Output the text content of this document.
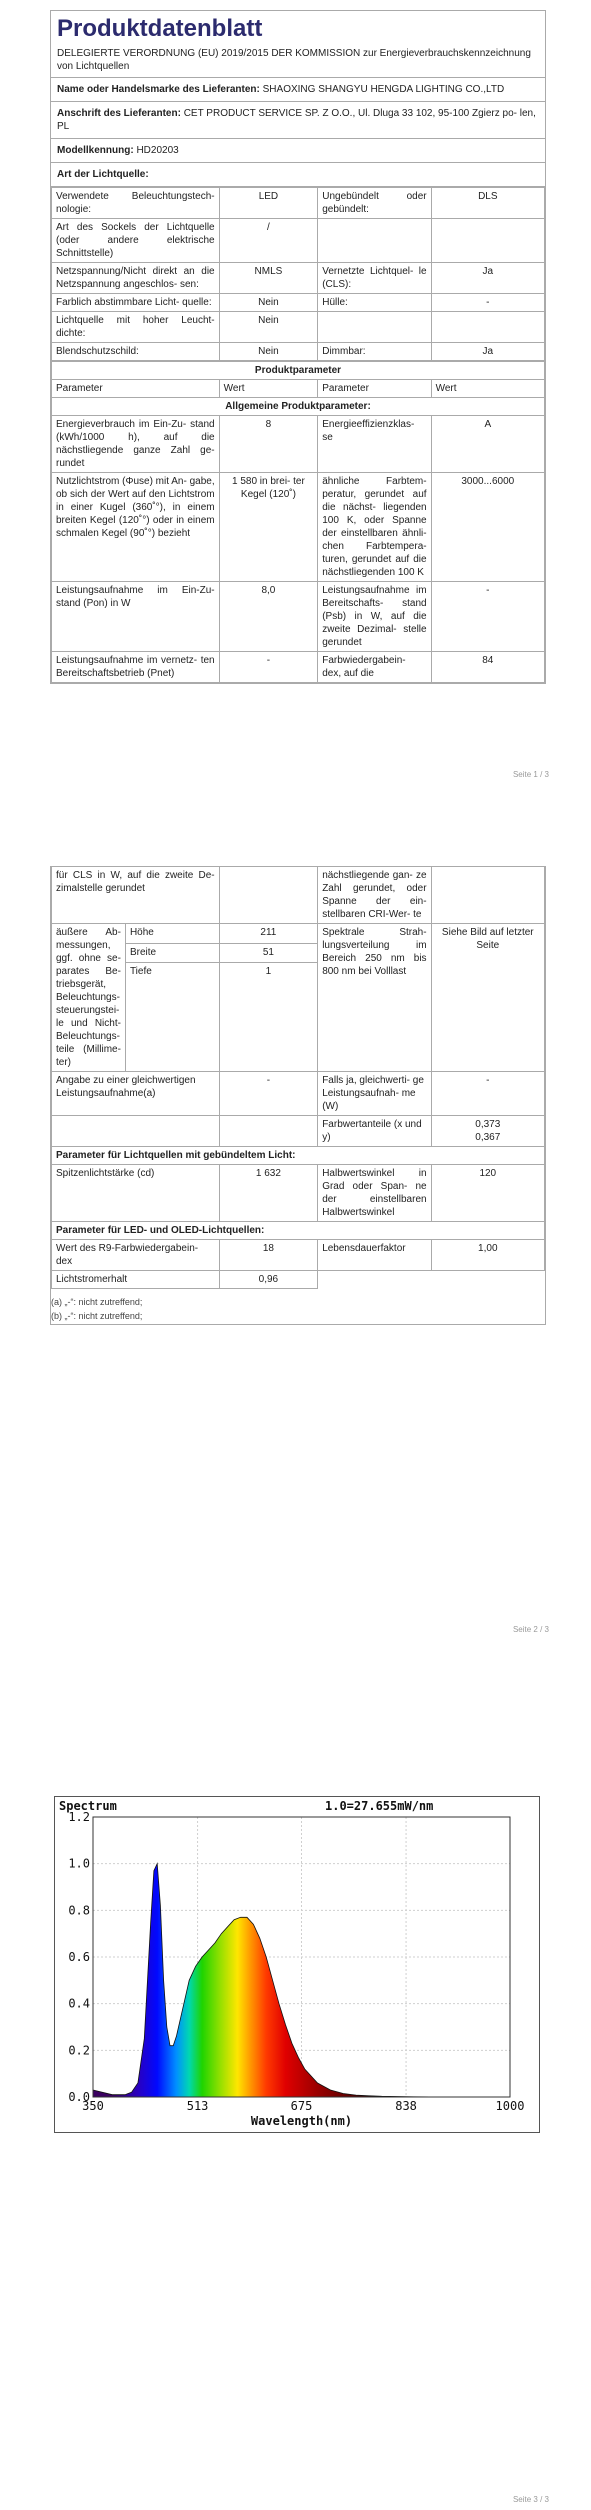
Produktdatenblatt
DELEGIERTE VERORDNUNG (EU) 2019/2015 DER KOMMISSION zur Energieverbrauchskennzeichnung von Lichtquellen
Name oder Handelsmarke des Lieferanten: SHAOXING SHANGYU HENGDA LIGHTING CO.,LTD
Anschrift des Lieferanten: CET PRODUCT SERVICE SP. Z O.O., Ul. Dluga 33 102, 95-100 Zgierz po- len, PL
Modellkennung: HD20203
Art der Lichtquelle:
Verwendete Beleuchtungstech- nologie:	LED	Ungebündelt oder gebündelt:	DLS
Art des Sockels der Lichtquelle (oder andere elektrische Schnittstelle)	/		
Netzspannung/Nicht direkt an die Netzspannung angeschlos- sen:	NMLS	Vernetzte Lichtquel- le (CLS):	Ja
Farblich abstimmbare Licht- quelle:	Nein	Hülle:	-
Lichtquelle mit hoher Leucht- dichte:	Nein		
Blendschutzschild:	Nein	Dimmbar:	Ja
Produktparameter			
Parameter	Wert	Parameter	Wert
Allgemeine Produktparameter:			
Energieverbrauch im Ein-Zu- stand (kWh/1000 h), auf die nächstliegende ganze Zahl ge- rundet	8	Energieeffizienzklas- se	A
Nutzlichtstrom (Φuse) mit An- gabe, ob sich der Wert auf den Lichtstrom in einer Kugel (360˚°), in einem breiten Kegel (120˚°) oder in einem schmalen Kegel (90˚°) bezieht	1 580 in brei- ter Kegel (120˚)	ähnliche Farbtem- peratur, gerundet auf die nächst- liegenden 100 K, oder Spanne der einstellbaren ähnli- chen Farbtempera- turen, gerundet auf die nächstliegenden 100 K	3000...6000
Leistungsaufnahme im Ein-Zu- stand (Pon) in W	8,0	Leistungsaufnahme im Bereitschafts- stand (Psb) in W, auf die zweite Dezimal- stelle gerundet	-
Leistungsaufnahme im vernetz- ten Bereitschaftsbetrieb (Pnet)	-	Farbwiedergabein- dex, auf die	84
Seite 1 / 3
für CLS in W, auf die zweite De- zimalstelle gerundet			nächstliegende gan- ze Zahl gerundet, oder Spanne der ein- stellbaren CRI-Wer- te	
äußere Ab- messungen, ggf. ohne se- parates Be- triebsgerät, Beleuchtungs- steuerungstei- le und Nicht- Beleuchtungs- teile (Millime- ter)	Höhe	211	Spektrale Strah- lungsverteilung im Bereich 250 nm bis 800 nm bei Volllast	Siehe Bild auf letzter Seite
	Breite	51		
	Tiefe	1		
Angabe zu einer gleichwertigen Leistungsaufnahme(a)		-	Falls ja, gleichwerti- ge Leistungsaufnah- me (W)	-
			Farbwertanteile (x und y)	0,373
0,367

Parameter für Lichtquellen mit gebündeltem Licht:				
Spitzenlichtstärke (cd)		1 632	Halbwertswinkel in Grad oder Span- ne der einstellbaren Halbwertswinkel	120
Parameter für LED- und OLED-Lichtquellen:				
Wert des R9-Farbwiedergabein- dex		18	Lebensdauerfaktor	1,00
Lichtstromerhalt		0,96		
(a) „-“: nicht zutreffend;
(b) „-“: nicht zutreffend;
Seite 2 / 3
Seite 3 / 3
350	513	675	838	1000
0.0
0.2
0.4
0.6
0.8
1.0
1.2
Wavelength(nm)
Spectrum	1.0=27.655mW/nm
